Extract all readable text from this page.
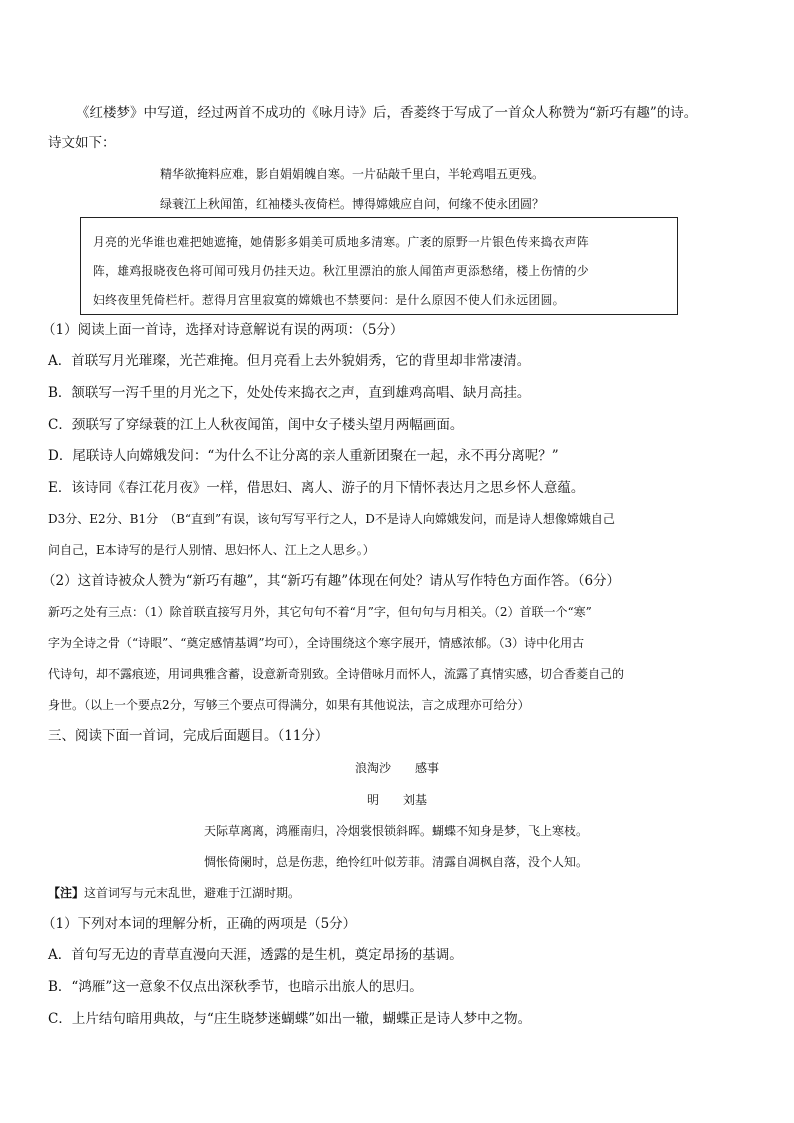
《红楼梦》中写道，经过两首不成功的《咏月诗》后，香菱终于写成了一首众人称赞为“新巧有趣”的诗。
诗文如下：
精华欲掩料应难，影自娟娟魄自寒。一片砧敲千里白，半轮鸡唱五更残。
绿蓑江上秋闻笛，红袖楼头夜倚栏。博得嫦娥应自问，何缘不使永团圆？
月亮的光华谁也难把她遮掩，她倩影多娟美可质地多清寒。广袤的原野一片银色传来捣衣声阵
阵，雄鸡报晓夜色将可闻可残月仍挂天边。秋江里漂泊的旅人闻笛声更添愁绪，楼上伤情的少
妇终夜里凭倚栏杆。惹得月宫里寂寞的嫦娥也不禁要问：是什么原因不使人们永远团圆。
（1）阅读上面一首诗，选择对诗意解说有误的两项：（5分）
A．首联写月光璀璨，光芒难掩。但月亮看上去外貌娟秀，它的背里却非常凄清。
B．颔联写一泻千里的月光之下，处处传来捣衣之声，直到雄鸡高唱、缺月高挂。
C．颈联写了穿绿蓑的江上人秋夜闻笛，闺中女子楼头望月两幅画面。
D．尾联诗人向嫦娥发问：“为什么不让分离的亲人重新团聚在一起，永不再分离呢？”
E．该诗同《春江花月夜》一样，借思妇、离人、游子的月下情怀表达月之思乡怀人意蕴。
D3分、E2分、B1分　（B“直到”有误，该句写写平行之人，D不是诗人向嫦娥发问，而是诗人想像嫦娥自己
问自己，E本诗写的是行人别情、思妇怀人、江上之人思乡。）
（2）这首诗被众人赞为“新巧有趣”，其“新巧有趣”体现在何处？请从写作特色方面作答。（6分）
新巧之处有三点：（1）除首联直接写月外，其它句句不着“月”字，但句句与月相关。（2）首联一个“寒”
字为全诗之骨（“诗眼”、“奠定感情基调”均可），全诗围绕这个寒字展开，情感浓郁。（3）诗中化用古
代诗句，却不露痕迹，用词典雅含蓄，设意新奇别致。全诗借咏月而怀人，流露了真情实感，切合香菱自己的
身世。（以上一个要点2分，写够三个要点可得满分，如果有其他说法，言之成理亦可给分）
三、阅读下面一首词，完成后面题目。（11分）
浪淘沙　　感事
明　　刘基
天际草离离，鸿雁南归，冷烟裳恨锁斜晖。蝴蝶不知身是梦，飞上寒枝。
惆怅倚阑时，总是伤悲，绝怜红叶似芳菲。清露自凋枫自落，没个人知。
【注】这首词写与元末乱世，避难于江湖时期。
（1）下列对本词的理解分析，正确的两项是（5分）
A．首句写无边的青草直漫向天涯，透露的是生机，奠定昂扬的基调。
B．“鸿雁”这一意象不仅点出深秋季节，也暗示出旅人的思归。
C．上片结句暗用典故，与“庄生晓梦迷蝴蝶”如出一辙，蝴蝶正是诗人梦中之物。
